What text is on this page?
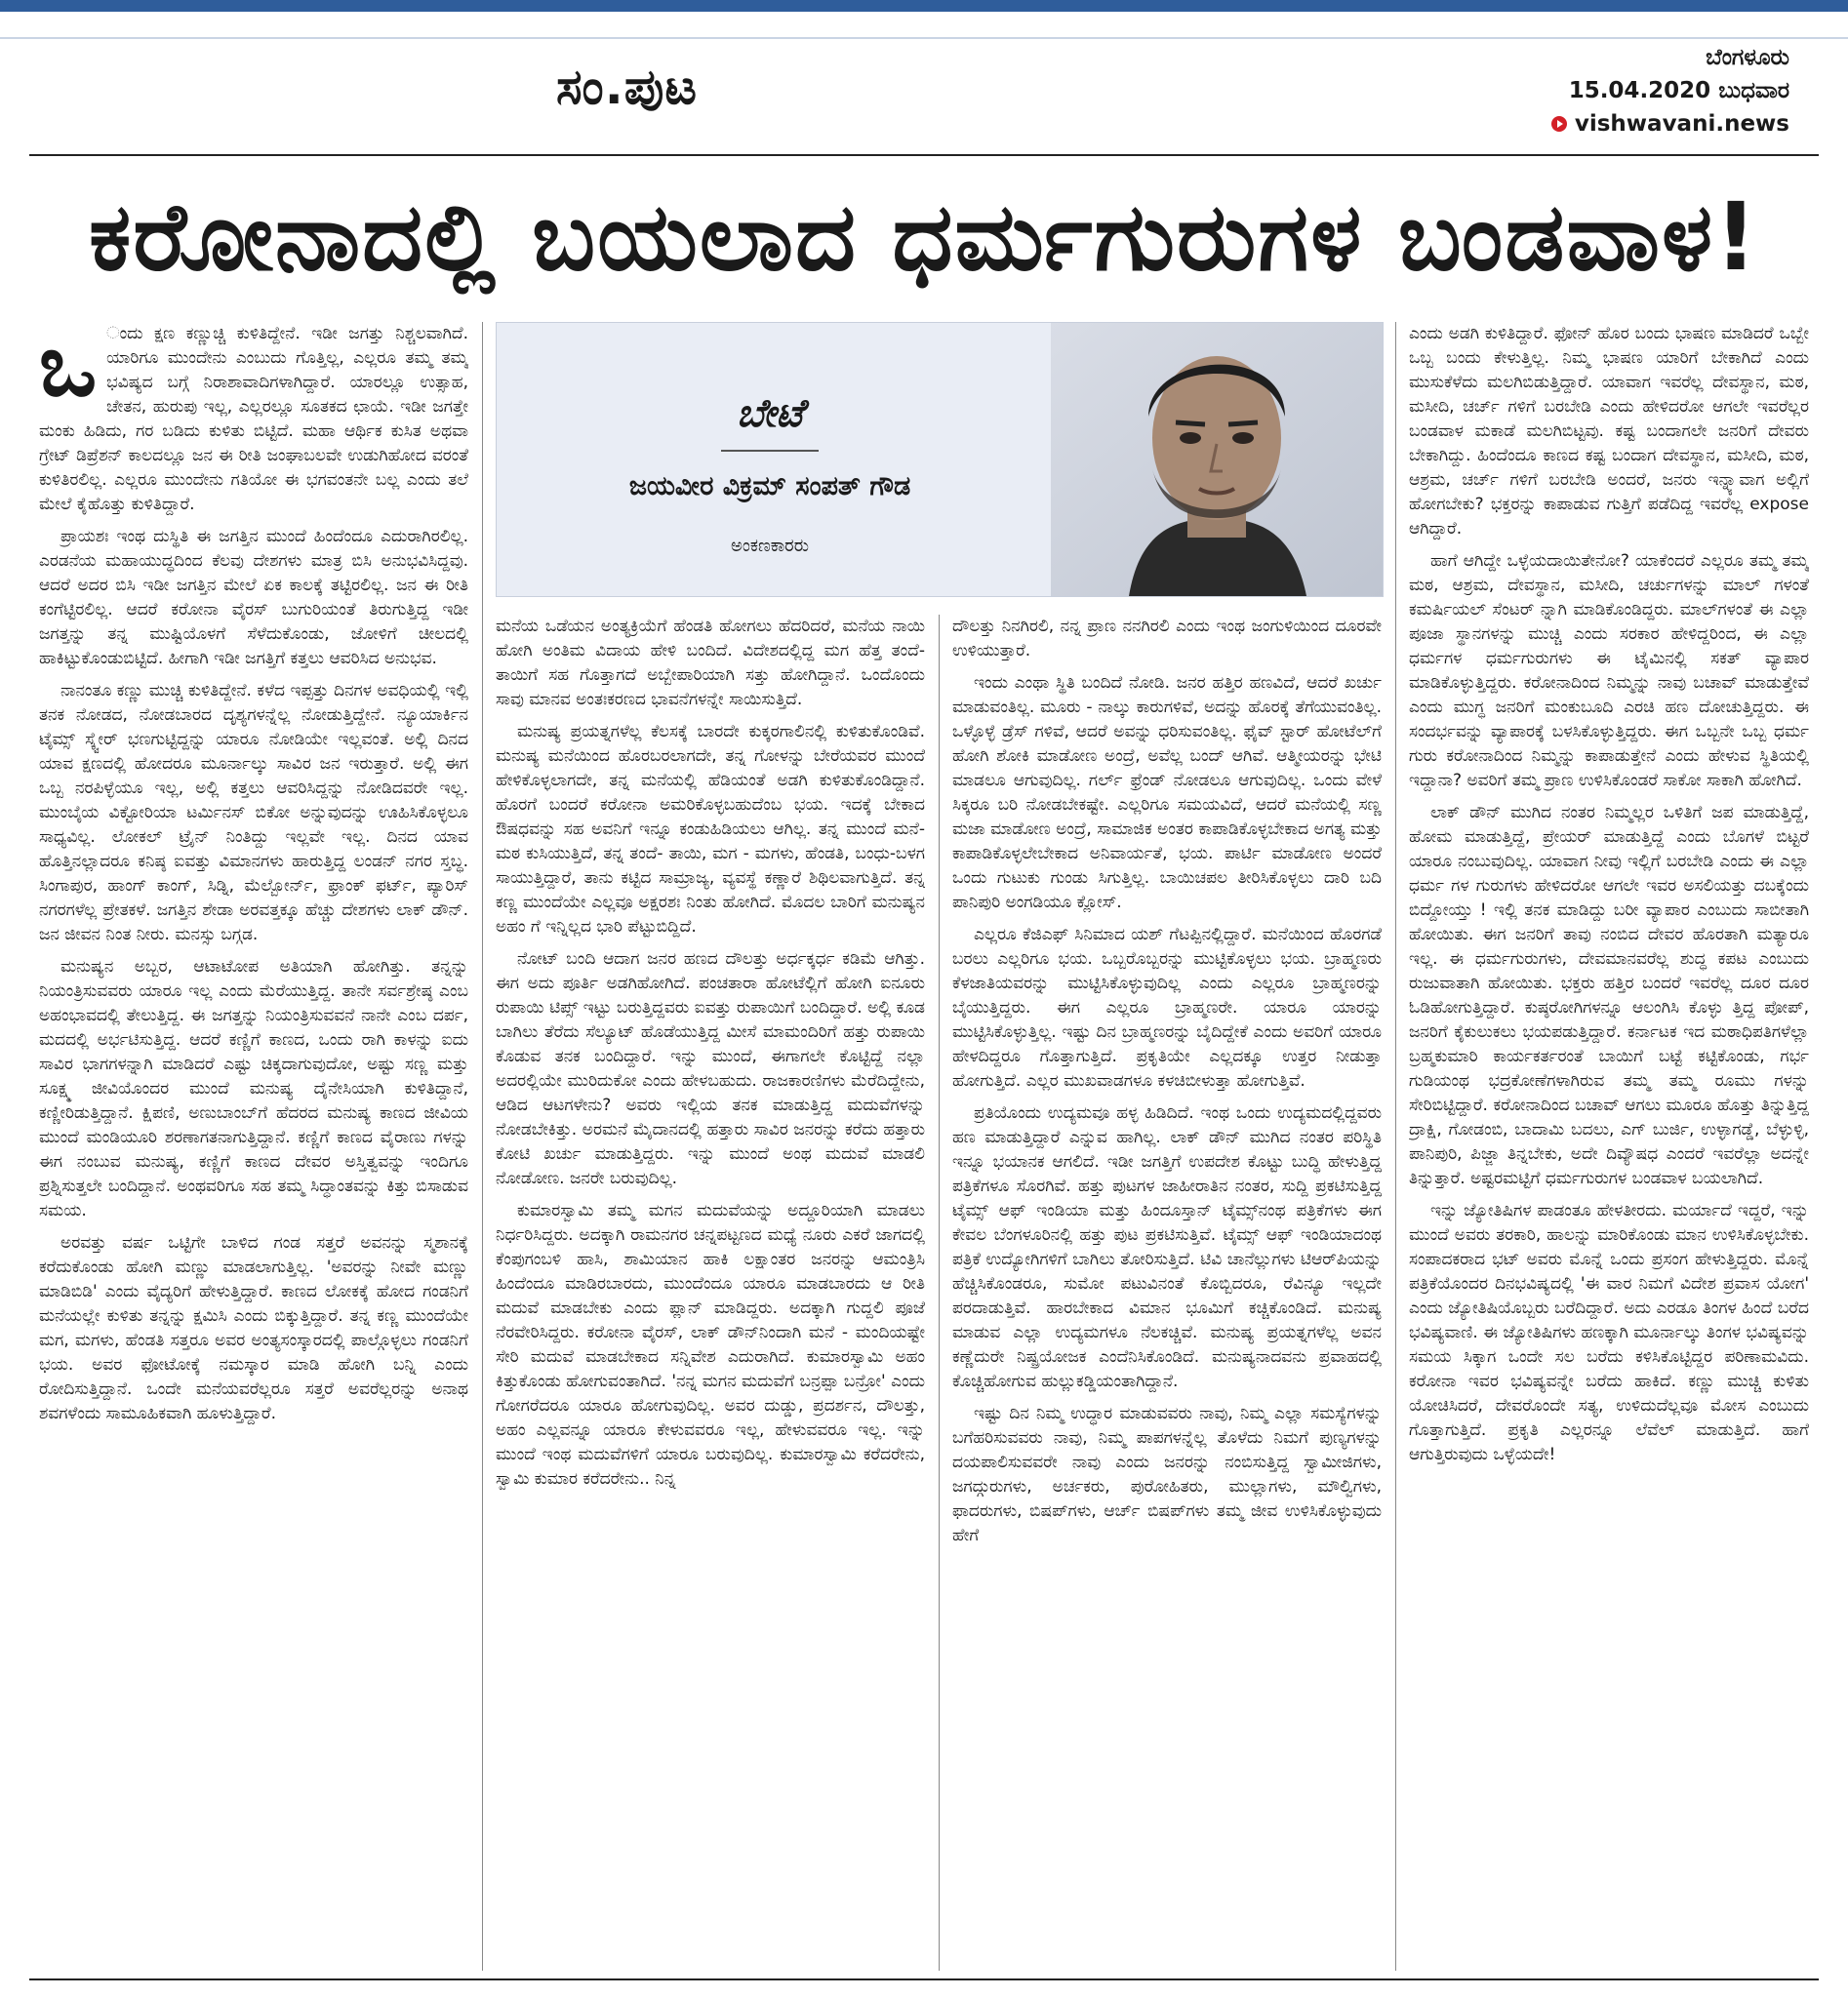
ಸಂ.ಪುಟ
ಬೆಂಗಳೂರು
15.04.2020 ಬುಧವಾರ
vishwavani.news
ಕರೋನಾದಲ್ಲಿ ಬಯಲಾದ ಧರ್ಮಗುರುಗಳ ಬಂಡವಾಳ!

ಒ ಂದು ಕ್ಷಣ ಕಣ್ಣುಚ್ಚಿ ಕುಳಿತಿದ್ದೇನೆ. ಇಡೀ ಜಗತ್ತು ನಿಶ್ಚಲವಾಗಿದೆ. ಯಾರಿಗೂ ಮುಂದೇನು ಎಂಬುದು ಗೊತ್ತಿಲ್ಲ, ಎಲ್ಲರೂ ತಮ್ಮ ತಮ್ಮ ಭವಿಷ್ಯದ ಬಗ್ಗೆ ನಿರಾಶಾವಾದಿಗಳಾಗಿದ್ದಾರೆ. ಯಾರಲ್ಲೂ ಉತ್ಸಾಹ, ಚೇತನ, ಹುರುಪು ಇಲ್ಲ, ಎಲ್ಲರಲ್ಲೂ ಸೂತಕದ ಛಾಯೆ. ಇಡೀ ಜಗತ್ತೇ ಮಂಕು ಹಿಡಿದು, ಗರ ಬಡಿದು ಕುಳಿತು ಬಿಟ್ಟಿದೆ. ಮಹಾ ಆರ್ಥಿಕ ಕುಸಿತ ಅಥವಾ ಗ್ರೇಟ್ ಡಿಪ್ರೆಶನ್ ಕಾಲದಲ್ಲೂ ಜನ ಈ ರೀತಿ ಜಂಘಾಬಲವೇ ಉಡುಗಿಹೋದ ವರಂತೆ ಕುಳಿತಿರಲಿಲ್ಲ. ಎಲ್ಲರೂ ಮುಂದೇನು ಗತಿಯೋ ಈ ಭಗವಂತನೇ ಬಲ್ಲ ಎಂದು ತಲೆ ಮೇಲೆ ಕೈಹೊತ್ತು ಕುಳಿತಿದ್ದಾರೆ.

ಪ್ರಾಯಶಃ ಇಂಥ ದುಸ್ಥಿತಿ ಈ ಜಗತ್ತಿನ ಮುಂದೆ ಹಿಂದೆಂದೂ ಎದುರಾಗಿರಲಿಲ್ಲ. ಎರಡನೆಯ ಮಹಾಯುದ್ಧದಿಂದ ಕೆಲವು ದೇಶಗಳು ಮಾತ್ರ ಬಿಸಿ ಅನುಭವಿಸಿದ್ದವು. ಆದರೆ ಅದರ ಬಿಸಿ ಇಡೀ ಜಗತ್ತಿನ ಮೇಲೆ ಏಕ ಕಾಲಕ್ಕೆ ತಟ್ಟಿರಲಿಲ್ಲ. ಜನ ಈ ರೀತಿ ಕಂಗೆಟ್ಟಿರಲಿಲ್ಲ. ಆದರೆ ಕರೋನಾ ವೈರಸ್ ಬುಗುರಿಯಂತೆ ತಿರುಗುತ್ತಿದ್ದ ಇಡೀ ಜಗತ್ತನ್ನು ತನ್ನ ಮುಷ್ಟಿಯೊಳಗೆ ಸೆಳೆದುಕೊಂಡು, ಜೋಳಿಗೆ ಚೀಲದಲ್ಲಿ ಹಾಕಿಟ್ಟುಕೊಂಡುಬಿಟ್ಟಿದೆ. ಹೀಗಾಗಿ ಇಡೀ ಜಗತ್ತಿಗೆ ಕತ್ತಲು ಆವರಿಸಿದ ಅನುಭವ.

ನಾನಂತೂ ಕಣ್ಣು ಮುಚ್ಚಿ ಕುಳಿತಿದ್ದೇನೆ. ಕಳೆದ ಇಪ್ಪತ್ತು ದಿನಗಳ ಅವಧಿಯಲ್ಲಿ ಇಲ್ಲಿ ತನಕ ನೋಡದ, ನೋಡಬಾರದ ದೃಶ್ಯಗಳನ್ನೆಲ್ಲ ನೋಡುತ್ತಿದ್ದೇನೆ. ನ್ಯೂಯಾರ್ಕಿನ ಟೈಮ್ಸ್ ಸ್ಕ್ವೇರ್ ಭಣಗುಟ್ಟಿದ್ದನ್ನು ಯಾರೂ ನೋಡಿಯೇ ಇಲ್ಲವಂತೆ. ಅಲ್ಲಿ ದಿನದ ಯಾವ ಕ್ಷಣದಲ್ಲಿ ಹೋದರೂ ಮೂರ್ನಾಲ್ಕು ಸಾವಿರ ಜನ ಇರುತ್ತಾರೆ. ಅಲ್ಲಿ ಈಗ ಒಬ್ಬ ನರಪಿಳ್ಳೆಯೂ ಇಲ್ಲ, ಅಲ್ಲಿ ಕತ್ತಲು ಆವರಿಸಿದ್ದನ್ನು ನೋಡಿದವರೇ ಇಲ್ಲ. ಮುಂಬೈಯ ವಿಕ್ಟೋರಿಯಾ ಟರ್ಮಿನಸ್ ಬಿಕೋ ಅನ್ನುವುದನ್ನು ಊಹಿಸಿಕೊಳ್ಳಲೂ ಸಾಧ್ಯವಿಲ್ಲ. ಲೋಕಲ್ ಟ್ರೈನ್ ನಿಂತಿದ್ದು ಇಲ್ಲವೇ ಇಲ್ಲ. ದಿನದ ಯಾವ ಹೊತ್ತಿನಲ್ಲಾದರೂ ಕನಿಷ್ಠ ಐವತ್ತು ವಿಮಾನಗಳು ಹಾರುತ್ತಿದ್ದ ಲಂಡನ್ ನಗರ ಸ್ತಬ್ಧ. ಸಿಂಗಾಪುರ, ಹಾಂಗ್ ಕಾಂಗ್, ಸಿಡ್ನಿ, ಮೆಲ್ಬೋರ್ನ್, ಫ್ರಾಂಕ್ ಫರ್ಟ್, ಪ್ಯಾರಿಸ್ ನಗರಗಳೆಲ್ಲ ಪ್ರೇತಕಳೆ. ಜಗತ್ತಿನ ಶೇಡಾ ಅರವತ್ತಕ್ಕೂ ಹೆಚ್ಚು ದೇಶಗಳು ಲಾಕ್ ಡೌನ್. ಜನ ಜೀವನ ನಿಂತ ನೀರು. ಮನಸ್ಸು ಬಗ್ಗಡ.

ಮನುಷ್ಯನ ಅಬ್ಬರ, ಆಟಾಟೋಪ ಅತಿಯಾಗಿ ಹೋಗಿತ್ತು. ತನ್ನನ್ನು ನಿಯಂತ್ರಿಸುವವರು ಯಾರೂ ಇಲ್ಲ ಎಂದು ಮೆರೆಯುತ್ತಿದ್ದ. ತಾನೇ ಸರ್ವಶ್ರೇಷ್ಠ ಎಂಬ ಅಹಂಭಾವದಲ್ಲಿ ತೇಲುತ್ತಿದ್ದ. ಈ ಜಗತ್ತನ್ನು ನಿಯಂತ್ರಿಸುವವನೆ ನಾನೇ ಎಂಬ ದರ್ಪ, ಮದದಲ್ಲಿ ಅರ್ಭಟಿಸುತ್ತಿದ್ದ. ಆದರೆ ಕಣ್ಣಿಗೆ ಕಾಣದ, ಒಂದು ರಾಗಿ ಕಾಳನ್ನು ಐದು ಸಾವಿರ ಭಾಗಗಳನ್ನಾಗಿ ಮಾಡಿದರೆ ಎಷ್ಟು ಚಿಕ್ಕದಾಗುವುದೋ, ಅಷ್ಟು ಸಣ್ಣ ಮತ್ತು ಸೂಕ್ಷ್ಮ ಜೀವಿಯೊಂದರ ಮುಂದೆ ಮನುಷ್ಯ ದೈನೇಸಿಯಾಗಿ ಕುಳಿತಿದ್ದಾನೆ, ಕಣ್ಣೀರಿಡುತ್ತಿದ್ದಾನೆ. ಕ್ಷಿಪಣಿ, ಅಣುಬಾಂಬ್‌ಗೆ ಹೆದರದ ಮನುಷ್ಯ ಕಾಣದ ಜೀವಿಯ ಮುಂದೆ ಮಂಡಿಯೂರಿ ಶರಣಾಗತನಾಗುತ್ತಿದ್ದಾನೆ. ಕಣ್ಣಿಗೆ ಕಾಣದ ವೈರಾಣು ಗಳನ್ನು ಈಗ ನಂಬುವ ಮನುಷ್ಯ, ಕಣ್ಣಿಗೆ ಕಾಣದ ದೇವರ ಅಸ್ತಿತ್ವವನ್ನು ಇಂದಿಗೂ ಪ್ರಶ್ನಿಸುತ್ತಲೇ ಬಂದಿದ್ದಾನೆ. ಅಂಥವರಿಗೂ ಸಹ ತಮ್ಮ ಸಿದ್ಧಾಂತವನ್ನು ಕಿತ್ತು ಬಿಸಾಡುವ ಸಮಯ.

ಅರವತ್ತು ವರ್ಷ ಒಟ್ಟಿಗೇ ಬಾಳಿದ ಗಂಡ ಸತ್ತರೆ ಅವನನ್ನು ಸ್ಮಶಾನಕ್ಕೆ ಕರೆದುಕೊಂಡು ಹೋಗಿ ಮಣ್ಣು ಮಾಡಲಾಗುತ್ತಿಲ್ಲ. 'ಅವರನ್ನು ನೀವೇ ಮಣ್ಣು ಮಾಡಿಬಿಡಿ' ಎಂದು ವೈದ್ಯರಿಗೆ ಹೇಳುತ್ತಿದ್ದಾರೆ. ಕಾಣದ ಲೋಕಕ್ಕೆ ಹೋದ ಗಂಡನಿಗೆ ಮನೆಯಲ್ಲೇ ಕುಳಿತು ತನ್ನನ್ನು ಕ್ಷಮಿಸಿ ಎಂದು ಬಿಕ್ಕುತ್ತಿದ್ದಾರೆ. ತನ್ನ ಕಣ್ಣ ಮುಂದೆಯೇ ಮಗ, ಮಗಳು, ಹೆಂಡತಿ ಸತ್ತರೂ ಅವರ ಅಂತ್ಯಸಂಸ್ಕಾರದಲ್ಲಿ ಪಾಲ್ಗೊಳ್ಳಲು ಗಂಡನಿಗೆ ಭಯ. ಅವರ ಫೋಟೋಕ್ಕೆ ನಮಸ್ಕಾರ ಮಾಡಿ ಹೋಗಿ ಬನ್ನಿ ಎಂದು ರೋದಿಸುತ್ತಿದ್ದಾನೆ. ಒಂದೇ ಮನೆಯವರೆಲ್ಲರೂ ಸತ್ತರೆ ಅವರೆಲ್ಲರನ್ನು ಅನಾಥ ಶವಗಳೆಂದು ಸಾಮೂಹಿಕವಾಗಿ ಹೂಳುತ್ತಿದ್ದಾರೆ.

ಬೇಟೆ
ಜಯವೀರ ವಿಕ್ರಮ್ ಸಂಪತ್ ಗೌಡ
ಅಂಕಣಕಾರರು

ಮನೆಯ ಒಡೆಯನ ಅಂತ್ಯಕ್ರಿಯೆಗೆ ಹೆಂಡತಿ ಹೋಗಲು ಹೆದರಿದರೆ, ಮನೆಯ ನಾಯಿ ಹೋಗಿ ಅಂತಿಮ ವಿದಾಯ ಹೇಳಿ ಬಂದಿದೆ. ವಿದೇಶದಲ್ಲಿದ್ದ ಮಗ ಹೆತ್ತ ತಂದೆ-ತಾಯಿಗೆ ಸಹ ಗೊತ್ತಾಗದೆ ಅಬ್ಬೇಪಾರಿಯಾಗಿ ಸತ್ತು ಹೋಗಿದ್ದಾನೆ. ಒಂದೊಂದು ಸಾವು ಮಾನವ ಅಂತಃಕರಣದ ಭಾವನೆಗಳನ್ನೇ ಸಾಯಿಸುತ್ತಿದೆ.

ಮನುಷ್ಯ ಪ್ರಯತ್ನಗಳೆಲ್ಲ ಕೆಲಸಕ್ಕೆ ಬಾರದೇ ಕುಕ್ಕರಗಾಲಿನಲ್ಲಿ ಕುಳಿತುಕೊಂಡಿವೆ. ಮನುಷ್ಯ ಮನೆಯಿಂದ ಹೊರಬರಲಾಗದೇ, ತನ್ನ ಗೋಳನ್ನು ಬೇರೆಯವರ ಮುಂದೆ ಹೇಳಿಕೊಳ್ಳಲಾಗದೇ, ತನ್ನ ಮನೆಯಲ್ಲಿ ಹೆಡಿಯಂತೆ ಅಡಗಿ ಕುಳಿತುಕೊಂಡಿದ್ದಾನೆ. ಹೊರಗೆ ಬಂದರೆ ಕರೋನಾ ಅಮರಿಕೊಳ್ಳಬಹುದೆಂಬ ಭಯ. ಇದಕ್ಕೆ ಬೇಕಾದ ಔಷಧವನ್ನು ಸಹ ಅವನಿಗೆ ಇನ್ನೂ ಕಂಡುಹಿಡಿಯಲು ಆಗಿಲ್ಲ. ತನ್ನ ಮುಂದೆ ಮನೆ-ಮಠ ಕುಸಿಯುತ್ತಿದೆ, ತನ್ನ ತಂದೆ- ತಾಯಿ, ಮಗ - ಮಗಳು, ಹೆಂಡತಿ, ಬಂಧು-ಬಳಗ ಸಾಯುತ್ತಿದ್ದಾರೆ, ತಾನು ಕಟ್ಟಿದ ಸಾಮ್ರಾಜ್ಯ, ವ್ಯವಸ್ಥೆ ಕಣ್ಣಾರೆ ಶಿಥಿಲವಾಗುತ್ತಿದೆ. ತನ್ನ ಕಣ್ಣ ಮುಂದೆಯೇ ಎಲ್ಲವೂ ಅಕ್ಷರಶಃ ನಿಂತು ಹೋಗಿದೆ. ಮೊದಲ ಬಾರಿಗೆ ಮನುಷ್ಯನ ಅಹಂ ಗೆ ಇನ್ನಿಲ್ಲದ ಭಾರಿ ಪೆಟ್ಟುಬಿದ್ದಿದೆ.

ನೋಟ್ ಬಂದಿ ಆದಾಗ ಜನರ ಹಣದ ದೌಲತ್ತು ಅರ್ಧಕ್ಕರ್ಧ ಕಡಿಮೆ ಆಗಿತ್ತು. ಈಗ ಅದು ಪೂರ್ತಿ ಅಡಗಿಹೋಗಿದೆ. ಪಂಚತಾರಾ ಹೋಟೆಲ್ಲಿಗೆ ಹೋಗಿ ಐನೂರು ರುಪಾಯಿ ಟಿಪ್ಸ್ ಇಟ್ಟು ಬರುತ್ತಿದ್ದವರು ಐವತ್ತು ರುಪಾಯಿಗೆ ಬಂದಿದ್ದಾರೆ. ಅಲ್ಲಿ ಕೂಡ ಬಾಗಿಲು ತೆರೆದು ಸೆಲ್ಯೂಟ್ ಹೊಡೆಯುತ್ತಿದ್ದ ಮೀಸೆ ಮಾಮಂದಿರಿಗೆ ಹತ್ತು ರುಪಾಯಿ ಕೊಡುವ ತನಕ ಬಂದಿದ್ದಾರೆ. ಇನ್ನು ಮುಂದೆ, ಈಗಾಗಲೇ ಕೊಟ್ಟಿದ್ದೆ ನಲ್ಲಾ ಅದರಲ್ಲಿಯೇ ಮುರಿದುಕೋ ಎಂದು ಹೇಳಬಹುದು. ರಾಜಕಾರಣಿಗಳು ಮೆರೆದಿದ್ದೇನು, ಆಡಿದ ಆಟಗಳೇನು? ಅವರು ಇಲ್ಲಿಯ ತನಕ ಮಾಡುತ್ತಿದ್ದ ಮದುವೆಗಳನ್ನು ನೋಡಬೇಕಿತ್ತು. ಅರಮನೆ ಮೈದಾನದಲ್ಲಿ ಹತ್ತಾರು ಸಾವಿರ ಜನರನ್ನು ಕರೆದು ಹತ್ತಾರು ಕೋಟಿ ಖರ್ಚು ಮಾಡುತ್ತಿದ್ದರು. ಇನ್ನು ಮುಂದೆ ಅಂಥ ಮದುವೆ ಮಾಡಲಿ ನೋಡೋಣ. ಜನರೇ ಬರುವುದಿಲ್ಲ.

ಕುಮಾರಸ್ವಾಮಿ ತಮ್ಮ ಮಗನ ಮದುವೆಯನ್ನು ಅದ್ದೂರಿಯಾಗಿ ಮಾಡಲು ನಿರ್ಧರಿಸಿದ್ದರು. ಅದಕ್ಕಾಗಿ ರಾಮನಗರ ಚನ್ನಪಟ್ಟಣದ ಮಧ್ಯೆ ನೂರು ಎಕರೆ ಜಾಗದಲ್ಲಿ ಕೆಂಪುಗಂಬಳಿ ಹಾಸಿ, ಶಾಮಿಯಾನ ಹಾಕಿ ಲಕ್ಷಾಂತರ ಜನರನ್ನು ಆಮಂತ್ರಿಸಿ ಹಿಂದೆಂದೂ ಮಾಡಿರಬಾರದು, ಮುಂದೆಂದೂ ಯಾರೂ ಮಾಡಬಾರದು ಆ ರೀತಿ ಮದುವೆ ಮಾಡಬೇಕು ಎಂದು ಪ್ಲಾನ್ ಮಾಡಿದ್ದರು. ಅದಕ್ಕಾಗಿ ಗುದ್ದಲಿ ಪೂಜೆ ನೆರವೇರಿಸಿದ್ದರು. ಕರೋನಾ ವೈರಸ್, ಲಾಕ್ ಡೌನ್‌ನಿಂದಾಗಿ ಮನೆ - ಮಂದಿಯಷ್ಟೇ ಸೇರಿ ಮದುವೆ ಮಾಡಬೇಕಾದ ಸನ್ನಿವೇಶ ಎದುರಾಗಿದೆ. ಕುಮಾರಸ್ವಾಮಿ ಅಹಂ ಕಿತ್ತುಕೊಂಡು ಹೋಗುವಂತಾಗಿದೆ. 'ನನ್ನ ಮಗನ ಮದುವೆಗೆ ಬನ್ರಪ್ಪಾ ಬನ್ರೋ' ಎಂದು ಗೋಗರೆದರೂ ಯಾರೂ ಹೋಗುವುದಿಲ್ಲ. ಅವರ ದುಡ್ಡು, ಪ್ರದರ್ಶನ, ದೌಲತ್ತು, ಅಹಂ ಎಲ್ಲವನ್ನೂ ಯಾರೂ ಕೇಳುವವರೂ ಇಲ್ಲ, ಹೇಳುವವರೂ ಇಲ್ಲ. ಇನ್ನು ಮುಂದೆ ಇಂಥ ಮದುವೆಗಳಿಗೆ ಯಾರೂ ಬರುವುದಿಲ್ಲ. ಕುಮಾರಸ್ವಾಮಿ ಕರೆದರೇನು, ಸ್ವಾಮಿ ಕುಮಾರ ಕರೆದರೇನು.. ನಿನ್ನ

ದೌಲತ್ತು ನಿನಗಿರಲಿ, ನನ್ನ ಪ್ರಾಣ ನನಗಿರಲಿ ಎಂದು ಇಂಥ ಜಂಗುಳಿಯಿಂದ ದೂರವೇ ಉಳಿಯುತ್ತಾರೆ.

ಇಂದು ಎಂಥಾ ಸ್ಥಿತಿ ಬಂದಿದೆ ನೋಡಿ. ಜನರ ಹತ್ತಿರ ಹಣವಿದೆ, ಆದರೆ ಖರ್ಚು ಮಾಡುವಂತಿಲ್ಲ. ಮೂರು - ನಾಲ್ಕು ಕಾರುಗಳಿವೆ, ಅದನ್ನು ಹೊರಕ್ಕೆ ತೆಗೆಯುವಂತಿಲ್ಲ. ಒಳ್ಳೊಳ್ಳೆ ಡ್ರೆಸ್ ಗಳಿವೆ, ಆದರೆ ಅವನ್ನು ಧರಿಸುವಂತಿಲ್ಲ. ಫೈವ್ ಸ್ಟಾರ್ ಹೋಟೆಲ್‌ಗೆ ಹೋಗಿ ಶೋಕಿ ಮಾಡೋಣ ಅಂದ್ರೆ, ಅವೆಲ್ಲ ಬಂದ್ ಆಗಿವೆ. ಆತ್ಮೀಯರನ್ನು ಭೇಟಿ ಮಾಡಲೂ ಆಗುವುದಿಲ್ಲ. ಗರ್ಲ್ ಫ್ರೆಂಡ್ ನೋಡಲೂ ಆಗುವುದಿಲ್ಲ. ಒಂದು ವೇಳೆ ಸಿಕ್ಕರೂ ಬರಿ ನೋಡಬೇಕಷ್ಟೇ. ಎಲ್ಲರಿಗೂ ಸಮಯವಿದೆ, ಆದರೆ ಮನೆಯಲ್ಲಿ ಸಣ್ಣ ಮಜಾ ಮಾಡೋಣ ಅಂದ್ರೆ, ಸಾಮಾಜಿಕ ಅಂತರ ಕಾಪಾಡಿಕೊಳ್ಳಬೇಕಾದ ಅಗತ್ಯ ಮತ್ತು ಕಾಪಾಡಿಕೊಳ್ಳಲೇಬೇಕಾದ ಅನಿವಾರ್ಯತೆ, ಭಯ. ಪಾರ್ಟಿ ಮಾಡೋಣ ಅಂದರೆ ಒಂದು ಗುಟುಕು ಗುಂಡು ಸಿಗುತ್ತಿಲ್ಲ. ಬಾಯಿಚಪಲ ತೀರಿಸಿಕೊಳ್ಳಲು ದಾರಿ ಬದಿ ಪಾನಿಪುರಿ ಅಂಗಡಿಯೂ ಕ್ಲೋಸ್.

ಎಲ್ಲರೂ ಕೆಜಿಎಫ್ ಸಿನಿಮಾದ ಯಶ್ ಗೆಟಪ್ಪಿನಲ್ಲಿದ್ದಾರೆ. ಮನೆಯಿಂದ ಹೊರಗಡೆ ಬರಲು ಎಲ್ಲರಿಗೂ ಭಯ. ಒಬ್ಬರೊಬ್ಬರನ್ನು ಮುಟ್ಟಿಕೊಳ್ಳಲು ಭಯ. ಬ್ರಾಹ್ಮಣರು ಕೆಳಜಾತಿಯವರನ್ನು ಮುಟ್ಟಿಸಿಕೊಳ್ಳುವುದಿಲ್ಲ ಎಂದು ಎಲ್ಲರೂ ಬ್ರಾಹ್ಮಣರನ್ನು ಬೈಯುತ್ತಿದ್ದರು. ಈಗ ಎಲ್ಲರೂ ಬ್ರಾಹ್ಮಣರೇ. ಯಾರೂ ಯಾರನ್ನು ಮುಟ್ಟಿಸಿಕೊಳ್ಳುತ್ತಿಲ್ಲ. ಇಷ್ಟು ದಿನ ಬ್ರಾಹ್ಮಣರನ್ನು ಬೈದಿದ್ದೇಕೆ ಎಂದು ಅವರಿಗೆ ಯಾರೂ ಹೇಳದಿದ್ದರೂ ಗೊತ್ತಾಗುತ್ತಿದೆ. ಪ್ರಕೃತಿಯೇ ಎಲ್ಲದಕ್ಕೂ ಉತ್ತರ ನೀಡುತ್ತಾ ಹೋಗುತ್ತಿದೆ. ಎಲ್ಲರ ಮುಖವಾಡಗಳೂ ಕಳಚಿಬೀಳುತ್ತಾ ಹೋಗುತ್ತಿವೆ.

ಪ್ರತಿಯೊಂದು ಉದ್ಯಮವೂ ಹಳ್ಳ ಹಿಡಿದಿದೆ. ಇಂಥ ಒಂದು ಉದ್ಯಮದಲ್ಲಿದ್ದವರು ಹಣ ಮಾಡುತ್ತಿದ್ದಾರೆ ಎನ್ನುವ ಹಾಗಿಲ್ಲ. ಲಾಕ್ ಡೌನ್ ಮುಗಿದ ನಂತರ ಪರಿಸ್ಥಿತಿ ಇನ್ನೂ ಭಯಾನಕ ಆಗಲಿದೆ. ಇಡೀ ಜಗತ್ತಿಗೆ ಉಪದೇಶ ಕೊಟ್ಟು ಬುದ್ಧಿ ಹೇಳುತ್ತಿದ್ದ ಪತ್ರಿಕೆಗಳೂ ಸೊರಗಿವೆ. ಹತ್ತು ಪುಟಗಳ ಜಾಹೀರಾತಿನ ನಂತರ, ಸುದ್ದಿ ಪ್ರಕಟಿಸುತ್ತಿದ್ದ ಟೈಮ್ಸ್ ಆಫ್ ಇಂಡಿಯಾ ಮತ್ತು ಹಿಂದೂಸ್ತಾನ್ ಟೈಮ್ಸ್‌ನಂಥ ಪತ್ರಿಕೆಗಳು ಈಗ ಕೇವಲ ಬೆಂಗಳೂರಿನಲ್ಲಿ ಹತ್ತು ಪುಟ ಪ್ರಕಟಿಸುತ್ತಿವೆ. ಟೈಮ್ಸ್ ಆಫ್ ಇಂಡಿಯಾದಂಥ ಪತ್ರಿಕೆ ಉದ್ಯೋಗಿಗಳಿಗೆ ಬಾಗಿಲು ತೋರಿಸುತ್ತಿದೆ. ಟಿವಿ ಚಾನೆಲ್ಲುಗಳು ಟಿಆರ್‌ಪಿಯನ್ನು ಹೆಚ್ಚಿಸಿಕೊಂಡರೂ, ಸುಮೋ ಪಟುವಿನಂತೆ ಕೊಬ್ಬಿದರೂ, ರೆವಿನ್ಯೂ ಇಲ್ಲದೇ ಪರದಾಡುತ್ತಿವೆ. ಹಾರಬೇಕಾದ ವಿಮಾನ ಭೂಮಿಗೆ ಕಚ್ಚಿಕೊಂಡಿದೆ. ಮನುಷ್ಯ ಮಾಡುವ ಎಲ್ಲಾ ಉದ್ಯಮಗಳೂ ನೆಲಕಚ್ಚಿವೆ. ಮನುಷ್ಯ ಪ್ರಯತ್ನಗಳೆಲ್ಲ ಅವನ ಕಣ್ಣೆದುರೇ ನಿಷ್ಪ್ರಯೋಜಕ ಎಂದೆನಿಸಿಕೊಂಡಿದೆ. ಮನುಷ್ಯನಾದವನು ಪ್ರವಾಹದಲ್ಲಿ ಕೊಚ್ಚಿಹೋಗುವ ಹುಲ್ಲುಕಡ್ಡಿಯಂತಾಗಿದ್ದಾನೆ.

ಇಷ್ಟು ದಿನ ನಿಮ್ಮ ಉದ್ಧಾರ ಮಾಡುವವರು ನಾವು, ನಿಮ್ಮ ಎಲ್ಲಾ ಸಮಸ್ಯೆಗಳನ್ನು ಬಗೆಹರಿಸುವವರು ನಾವು, ನಿಮ್ಮ ಪಾಪಗಳನ್ನೆಲ್ಲ ತೊಳೆದು ನಿಮಗೆ ಪುಣ್ಯಗಳನ್ನು ದಯಪಾಲಿಸುವವರೇ ನಾವು ಎಂದು ಜನರನ್ನು ನಂಬಿಸುತ್ತಿದ್ದ ಸ್ವಾಮೀಜಿಗಳು, ಜಗದ್ಗುರುಗಳು, ಅರ್ಚಕರು, ಪುರೋಹಿತರು, ಮುಲ್ಲಾಗಳು, ಮೌಲ್ವಿಗಳು, ಫಾದರುಗಳು, ಬಿಷಪ್‌ಗಳು, ಆರ್ಚ್ ಬಿಷಪ್‌ಗಳು ತಮ್ಮ ಜೀವ ಉಳಿಸಿಕೊಳ್ಳುವುದು ಹೇಗೆ

ಎಂದು ಅಡಗಿ ಕುಳಿತಿದ್ದಾರೆ. ಫೋನ್ ಹೊರ ಬಂದು ಭಾಷಣ ಮಾಡಿದರೆ ಒಬ್ಬೇ ಒಬ್ಬ ಬಂದು ಕೇಳುತ್ತಿಲ್ಲ. ನಿಮ್ಮ ಭಾಷಣ ಯಾರಿಗೆ ಬೇಕಾಗಿದೆ ಎಂದು ಮುಸುಕೆಳೆದು ಮಲಗಿಬಿಡುತ್ತಿದ್ದಾರೆ. ಯಾವಾಗ ಇವರೆಲ್ಲ ದೇವಸ್ಥಾನ, ಮಠ, ಮಸೀದಿ, ಚರ್ಚ್ ಗಳಿಗೆ ಬರಬೇಡಿ ಎಂದು ಹೇಳಿದರೋ ಆಗಲೇ ಇವರೆಲ್ಲರ ಬಂಡವಾಳ ಮಕಾಡೆ ಮಲಗಿಬಿಟ್ಟವು. ಕಷ್ಟ ಬಂದಾಗಲೇ ಜನರಿಗೆ ದೇವರು ಬೇಕಾಗಿದ್ದು. ಹಿಂದೆಂದೂ ಕಾಣದ ಕಷ್ಟ ಬಂದಾಗ ದೇವಸ್ಥಾನ, ಮಸೀದಿ, ಮಠ, ಆಶ್ರಮ, ಚರ್ಚ್ ಗಳಿಗೆ ಬರಬೇಡಿ ಅಂದರೆ, ಜನರು ಇನ್ನ್ಯಾವಾಗ ಅಲ್ಲಿಗೆ ಹೋಗಬೇಕು? ಭಕ್ತರನ್ನು ಕಾಪಾಡುವ ಗುತ್ತಿಗೆ ಪಡೆದಿದ್ದ ಇವರೆಲ್ಲ expose ಆಗಿದ್ದಾರೆ.

ಹಾಗೆ ಆಗಿದ್ದೇ ಒಳ್ಳೆಯದಾಯಿತೇನೋ? ಯಾಕೆಂದರೆ ಎಲ್ಲರೂ ತಮ್ಮ ತಮ್ಮ ಮಠ, ಆಶ್ರಮ, ದೇವಸ್ಥಾನ, ಮಸೀದಿ, ಚರ್ಚುಗಳನ್ನು ಮಾಲ್ ಗಳಂತೆ ಕಮರ್ಷಿಯಲ್ ಸೆಂಟರ್ ನ್ನಾಗಿ ಮಾಡಿಕೊಂಡಿದ್ದರು. ಮಾಲ್‌ಗಳಂತೆ ಈ ಎಲ್ಲಾ ಪೂಜಾ ಸ್ಥಾನಗಳನ್ನು ಮುಚ್ಚಿ ಎಂದು ಸರಕಾರ ಹೇಳಿದ್ದರಿಂದ, ಈ ಎಲ್ಲಾ ಧರ್ಮಗಳ ಧರ್ಮಗುರುಗಳು ಈ ಟೈಮಿನಲ್ಲಿ ಸಕತ್ ವ್ಯಾಪಾರ ಮಾಡಿಕೊಳ್ಳುತ್ತಿದ್ದರು. ಕರೋನಾದಿಂದ ನಿಮ್ಮನ್ನು ನಾವು ಬಚಾವ್ ಮಾಡುತ್ತೇವೆ ಎಂದು ಮುಗ್ಧ ಜನರಿಗೆ ಮಂಕುಬೂದಿ ಎರಚಿ ಹಣ ದೋಚುತ್ತಿದ್ದರು. ಈ ಸಂದರ್ಭವನ್ನು ವ್ಯಾಪಾರಕ್ಕೆ ಬಳಸಿಕೊಳ್ಳುತ್ತಿದ್ದರು. ಈಗ ಒಬ್ಬನೇ ಒಬ್ಬ ಧರ್ಮ ಗುರು ಕರೋನಾದಿಂದ ನಿಮ್ಮನ್ನು ಕಾಪಾಡುತ್ತೇನೆ ಎಂದು ಹೇಳುವ ಸ್ಥಿತಿಯಲ್ಲಿ ಇದ್ದಾನಾ? ಅವರಿಗೆ ತಮ್ಮ ಪ್ರಾಣ ಉಳಿಸಿಕೊಂಡರೆ ಸಾಕೋ ಸಾಕಾಗಿ ಹೋಗಿದೆ.

ಲಾಕ್ ಡೌನ್ ಮುಗಿದ ನಂತರ ನಿಮ್ಮಲ್ಲರ ಒಳಿತಿಗೆ ಜಪ ಮಾಡುತ್ತಿದ್ದೆ, ಹೋಮ ಮಾಡುತ್ತಿದ್ದೆ, ಪ್ರೇಯರ್ ಮಾಡುತ್ತಿದ್ದೆ ಎಂದು ಬೊಗಳೆ ಬಿಟ್ಟರೆ ಯಾರೂ ನಂಬುವುದಿಲ್ಲ. ಯಾವಾಗ ನೀವು ಇಲ್ಲಿಗೆ ಬರಬೇಡಿ ಎಂದು ಈ ಎಲ್ಲಾ ಧರ್ಮ ಗಳ ಗುರುಗಳು ಹೇಳಿದರೋ ಆಗಲೇ ಇವರ ಅಸಲಿಯತ್ತು ದಬಕ್ಕೆಂದು ಬಿದ್ದೋಯ್ತು ! ಇಲ್ಲಿ ತನಕ ಮಾಡಿದ್ದು ಬರೀ ವ್ಯಾಪಾರ ಎಂಬುದು ಸಾಬೀತಾಗಿ ಹೋಯಿತು. ಈಗ ಜನರಿಗೆ ತಾವು ನಂಬಿದ ದೇವರ ಹೊರತಾಗಿ ಮತ್ಯಾರೂ ಇಲ್ಲ. ಈ ಧರ್ಮಗುರುಗಳು, ದೇವಮಾನವರೆಲ್ಲ ಶುದ್ಧ ಕಪಟ ಎಂಬುದು ರುಜುವಾತಾಗಿ ಹೋಯಿತು. ಭಕ್ತರು ಹತ್ತಿರ ಬಂದರೆ ಇವರೆಲ್ಲ ದೂರ ದೂರ ಓಡಿಹೋಗುತ್ತಿದ್ದಾರೆ. ಕುಷ್ಠರೋಗಿಗಳನ್ನೂ ಆಲಂಗಿಸಿ ಕೊಳ್ಳು ತ್ತಿದ್ದ ಪೋಪ್, ಜನರಿಗೆ ಕೈಕುಲುಕಲು ಭಯಪಡುತ್ತಿದ್ದಾರೆ. ಕರ್ನಾಟಕ ಇದ ಮಠಾಧಿಪತಿಗಳೆಲ್ಲಾ ಬ್ರಹ್ಮಕುಮಾರಿ ಕಾರ್ಯಕರ್ತರಂತೆ ಬಾಯಿಗೆ ಬಟ್ಟೆ ಕಟ್ಟಿಕೊಂಡು, ಗರ್ಭ ಗುಡಿಯಂಥ ಭದ್ರಕೋಣೆಗಳಾಗಿರುವ ತಮ್ಮ ತಮ್ಮ ರೂಮು ಗಳನ್ನು ಸೇರಿಬಿಟ್ಟಿದ್ದಾರೆ. ಕರೋನಾದಿಂದ ಬಚಾವ್ ಆಗಲು ಮೂರೂ ಹೊತ್ತು ತಿನ್ನುತ್ತಿದ್ದ ದ್ರಾಕ್ಷಿ, ಗೋಡಂಬಿ, ಬಾದಾಮಿ ಬದಲು, ಎಗ್ ಬುರ್ಜಿ, ಉಳ್ಳಾಗಡ್ಡೆ, ಬೆಳ್ಳುಳ್ಳಿ, ಪಾನಿಪುರಿ, ಪಿಜ್ಜಾ ತಿನ್ನಬೇಕು, ಅದೇ ದಿವ್ಯೌಷಧ ಎಂದರೆ ಇವರೆಲ್ಲಾ ಅದನ್ನೇ ತಿನ್ನುತ್ತಾರೆ. ಅಷ್ಟರಮಟ್ಟಿಗೆ ಧರ್ಮಗುರುಗಳ ಬಂಡವಾಳ ಬಯಲಾಗಿದೆ.

ಇನ್ನು ಜ್ಯೋತಿಷಿಗಳ ಪಾಡಂತೂ ಹೇಳತೀರದು. ಮರ್ಯಾದೆ ಇದ್ದರೆ, ಇನ್ನು ಮುಂದೆ ಅವರು ತರಕಾರಿ, ಹಾಲನ್ನು ಮಾರಿಕೊಂಡು ಮಾನ ಉಳಿಸಿಕೊಳ್ಳಬೇಕು. ಸಂಪಾದಕರಾದ ಭಟ್ ಅವರು ಮೊನ್ನೆ ಒಂದು ಪ್ರಸಂಗ ಹೇಳುತ್ತಿದ್ದರು. ಮೊನ್ನೆ ಪತ್ರಿಕೆಯೊಂದರ ದಿನಭವಿಷ್ಯದಲ್ಲಿ 'ಈ ವಾರ ನಿಮಗೆ ವಿದೇಶ ಪ್ರವಾಸ ಯೋಗ' ಎಂದು ಜ್ಯೋತಿಷಿಯೊಬ್ಬರು ಬರೆದಿದ್ದಾರೆ. ಅದು ಎರಡೂ ತಿಂಗಳ ಹಿಂದೆ ಬರೆದ ಭವಿಷ್ಯವಾಣಿ. ಈ ಜ್ಯೋತಿಷಿಗಳು ಹಣಕ್ಕಾಗಿ ಮೂರ್ನಾಲ್ಕು ತಿಂಗಳ ಭವಿಷ್ಯವನ್ನು ಸಮಯ ಸಿಕ್ಕಾಗ ಒಂದೇ ಸಲ ಬರೆದು ಕಳಿಸಿಕೊಟ್ಟಿದ್ದರ ಪರಿಣಾಮವಿದು. ಕರೋನಾ ಇವರ ಭವಿಷ್ಯವನ್ನೇ ಬರೆದು ಹಾಕಿದೆ. ಕಣ್ಣು ಮುಚ್ಚಿ ಕುಳಿತು ಯೋಚಿಸಿದರೆ, ದೇವರೊಂದೇ ಸತ್ಯ, ಉಳಿದುದೆಲ್ಲವೂ ಮೋಸ ಎಂಬುದು ಗೊತ್ತಾಗುತ್ತಿದೆ. ಪ್ರಕೃತಿ ಎಲ್ಲರನ್ನೂ ಲೆವೆಲ್ ಮಾಡುತ್ತಿದೆ. ಹಾಗೆ ಆಗುತ್ತಿರುವುದು ಒಳ್ಳೆಯದೇ!
